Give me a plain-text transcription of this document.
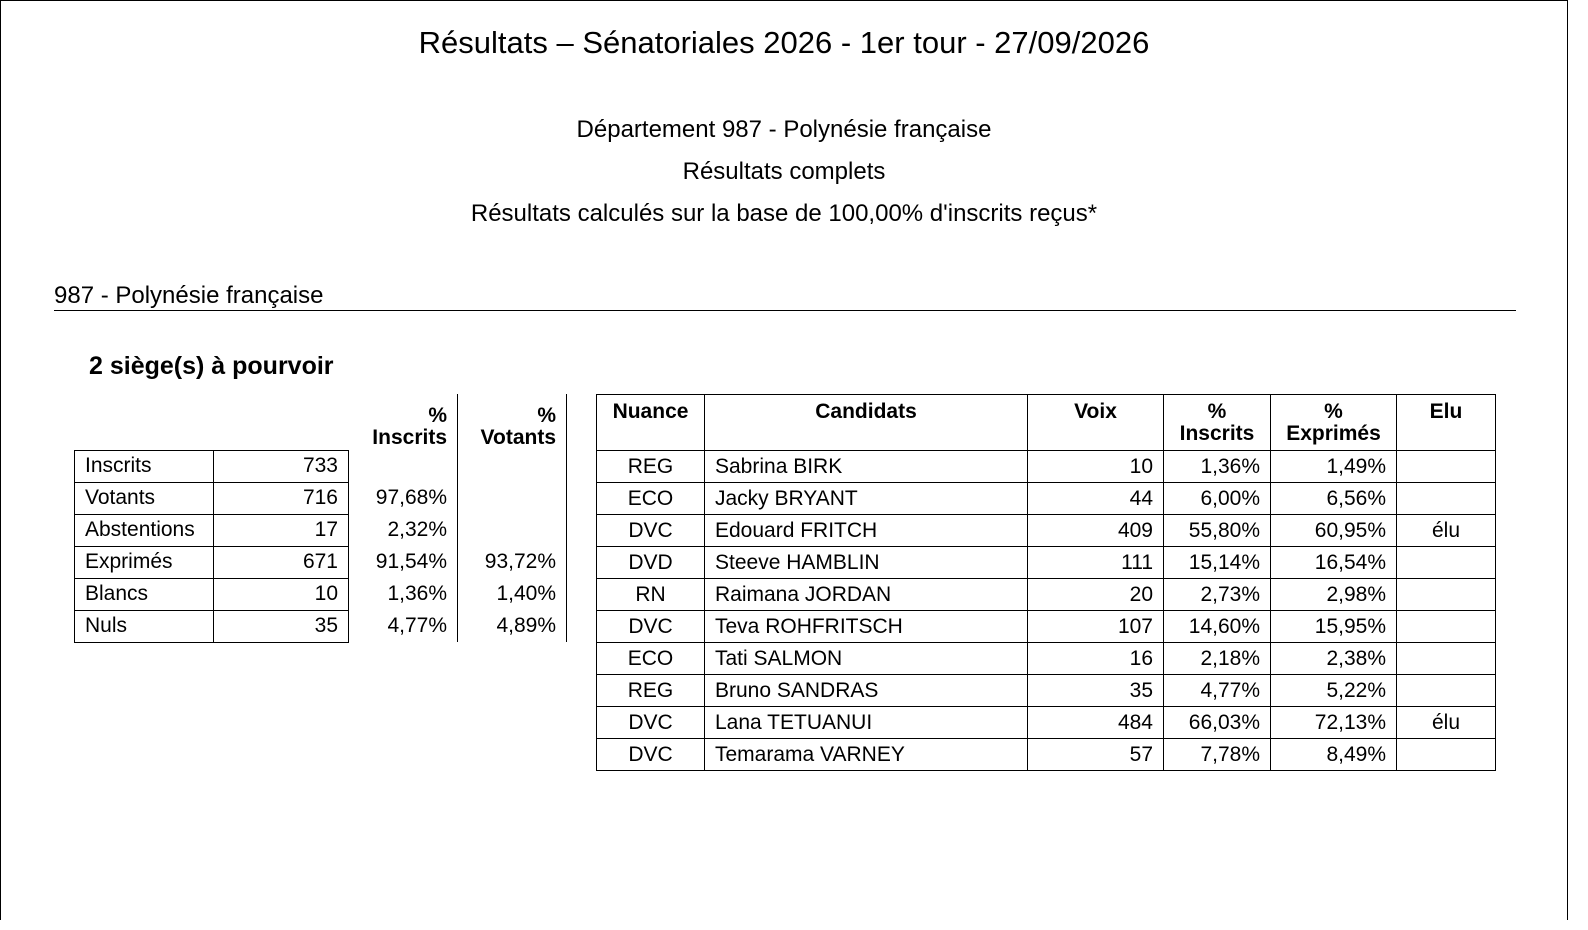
Résultats – Sénatoriales 2026 - 1er tour - 27/09/2026
Département 987 - Polynésie française
Résultats complets
Résultats calculés sur la base de 100,00% d'inscrits reçus*
987 - Polynésie française
2 siège(s) à pourvoir
		% Inscrits	% Votants
Inscrits	733		
Votants	716	97,68%	
Abstentions	17	2,32%	
Exprimés	671	91,54%	93,72%
Blancs	10	1,36%	1,40%
Nuls	35	4,77%	4,89%
Nuance	Candidats	Voix	% Inscrits	% Exprimés	Elu
REG	Sabrina BIRK	10	1,36%	1,49%	
ECO	Jacky BRYANT	44	6,00%	6,56%	
DVC	Edouard FRITCH	409	55,80%	60,95%	élu
DVD	Steeve HAMBLIN	111	15,14%	16,54%	
RN	Raimana JORDAN	20	2,73%	2,98%	
DVC	Teva ROHFRITSCH	107	14,60%	15,95%	
ECO	Tati SALMON	16	2,18%	2,38%	
REG	Bruno SANDRAS	35	4,77%	5,22%	
DVC	Lana TETUANUI	484	66,03%	72,13%	élu
DVC	Temarama VARNEY	57	7,78%	8,49%	
